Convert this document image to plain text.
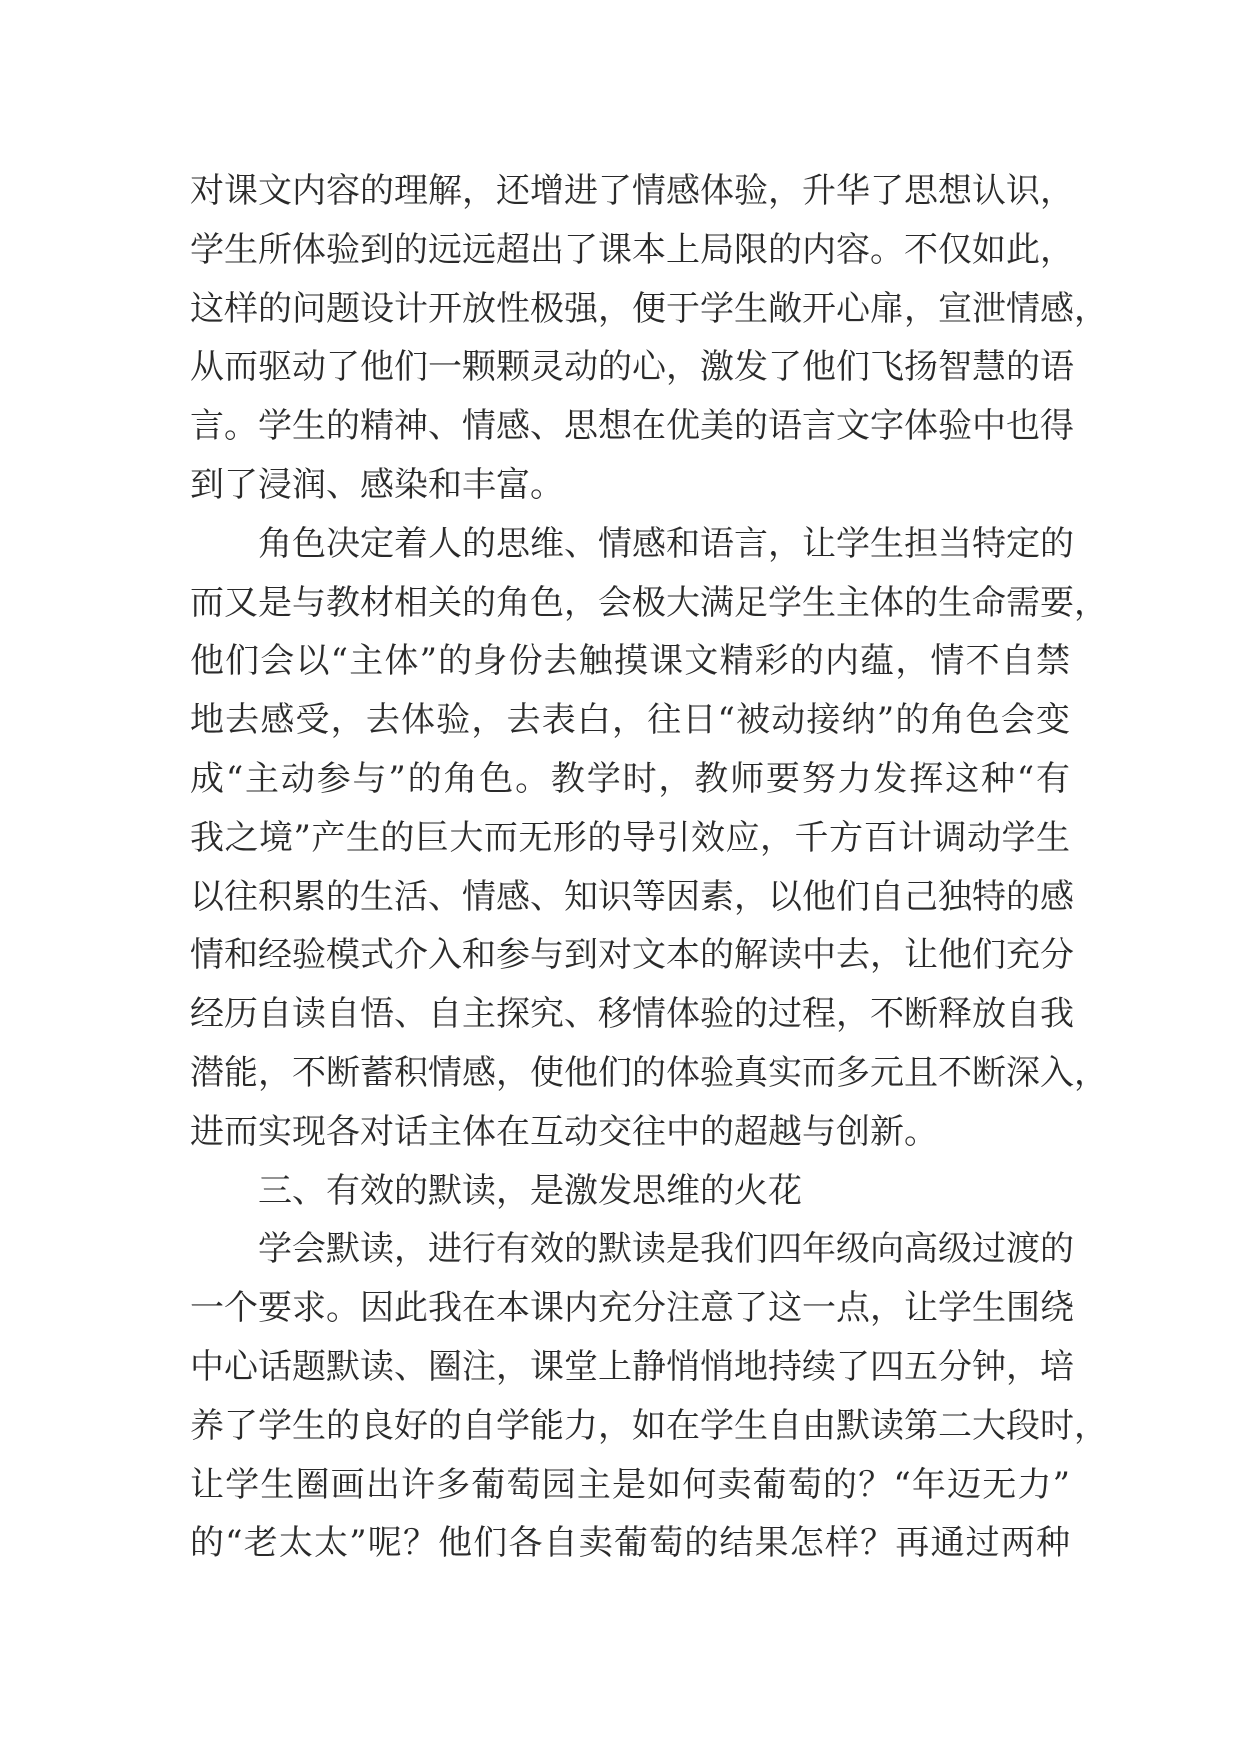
对课文内容的理解，还增进了情感体验，升华了思想认识，
学生所体验到的远远超出了课本上局限的内容。不仅如此，
这样的问题设计开放性极强，便于学生敞开心扉，宣泄情感，
从而驱动了他们一颗颗灵动的心，激发了他们飞扬智慧的语
言。学生的精神、情感、思想在优美的语言文字体验中也得
到了浸润、感染和丰富。
角色决定着人的思维、情感和语言，让学生担当特定的
而又是与教材相关的角色，会极大满足学生主体的生命需要，
他们会以“主体”的身份去触摸课文精彩的内蕴，情不自禁
地去感受，去体验，去表白，往日“被动接纳”的角色会变
成“主动参与”的角色。教学时，教师要努力发挥这种“有
我之境”产生的巨大而无形的导引效应，千方百计调动学生
以往积累的生活、情感、知识等因素，以他们自己独特的感
情和经验模式介入和参与到对文本的解读中去，让他们充分
经历自读自悟、自主探究、移情体验的过程，不断释放自我
潜能，不断蓄积情感，使他们的体验真实而多元且不断深入，
进而实现各对话主体在互动交往中的超越与创新。
三、有效的默读，是激发思维的火花
学会默读，进行有效的默读是我们四年级向高级过渡的
一个要求。因此我在本课内充分注意了这一点，让学生围绕
中心话题默读、圈注，课堂上静悄悄地持续了四五分钟，培
养了学生的良好的自学能力，如在学生自由默读第二大段时，
让学生圈画出许多葡萄园主是如何卖葡萄的？“年迈无力”
的“老太太”呢？他们各自卖葡萄的结果怎样？再通过两种
